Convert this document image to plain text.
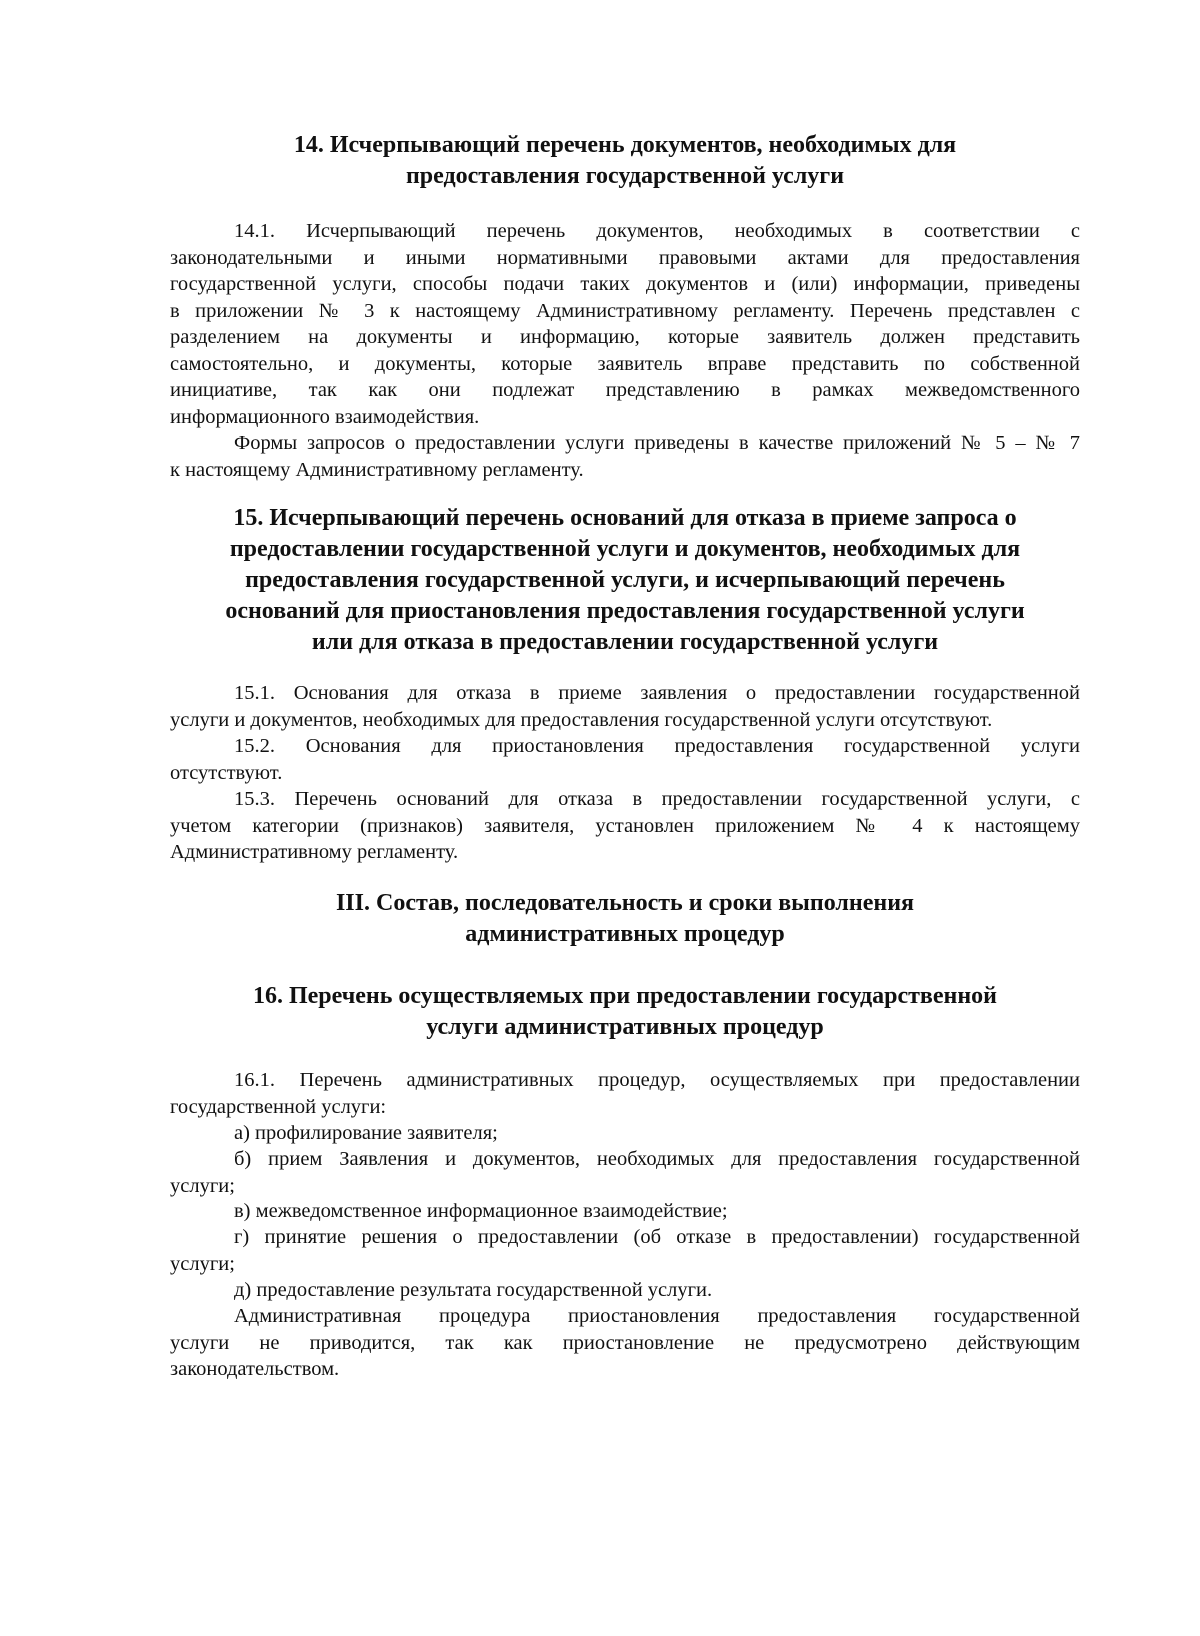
14. Исчерпывающий перечень документов, необходимых для
предоставления государственной услуги
14.1. Исчерпывающий перечень документов, необходимых в соответствии с
законодательными и иными нормативными правовыми актами для предоставления
государственной услуги, способы подачи таких документов и (или) информации, приведены
в приложении № 3 к настоящему Административному регламенту. Перечень представлен с
разделением на документы и информацию, которые заявитель должен представить
самостоятельно, и документы, которые заявитель вправе представить по собственной
инициативе, так как они подлежат представлению в рамках межведомственного
информационного взаимодействия.
Формы запросов о предоставлении услуги приведены в качестве приложений № 5 – № 7
к настоящему Административному регламенту.
15. Исчерпывающий перечень оснований для отказа в приеме запроса о
предоставлении государственной услуги и документов, необходимых для
предоставления государственной услуги, и исчерпывающий перечень
оснований для приостановления предоставления государственной услуги
или для отказа в предоставлении государственной услуги
15.1. Основания для отказа в приеме заявления о предоставлении государственной
услуги и документов, необходимых для предоставления государственной услуги отсутствуют.
15.2. Основания для приостановления предоставления государственной услуги
отсутствуют.
15.3. Перечень оснований для отказа в предоставлении государственной услуги, с
учетом категории (признаков) заявителя, установлен приложением № 4 к настоящему
Административному регламенту.
III. Состав, последовательность и сроки выполнения
административных процедур
16. Перечень осуществляемых при предоставлении государственной
услуги административных процедур
16.1. Перечень административных процедур, осуществляемых при предоставлении
государственной услуги:
а) профилирование заявителя;
б) прием Заявления и документов, необходимых для предоставления государственной
услуги;
в) межведомственное информационное взаимодействие;
г) принятие решения о предоставлении (об отказе в предоставлении) государственной
услуги;
д) предоставление результата государственной услуги.
Административная процедура приостановления предоставления государственной
услуги не приводится, так как приостановление не предусмотрено действующим
законодательством.
